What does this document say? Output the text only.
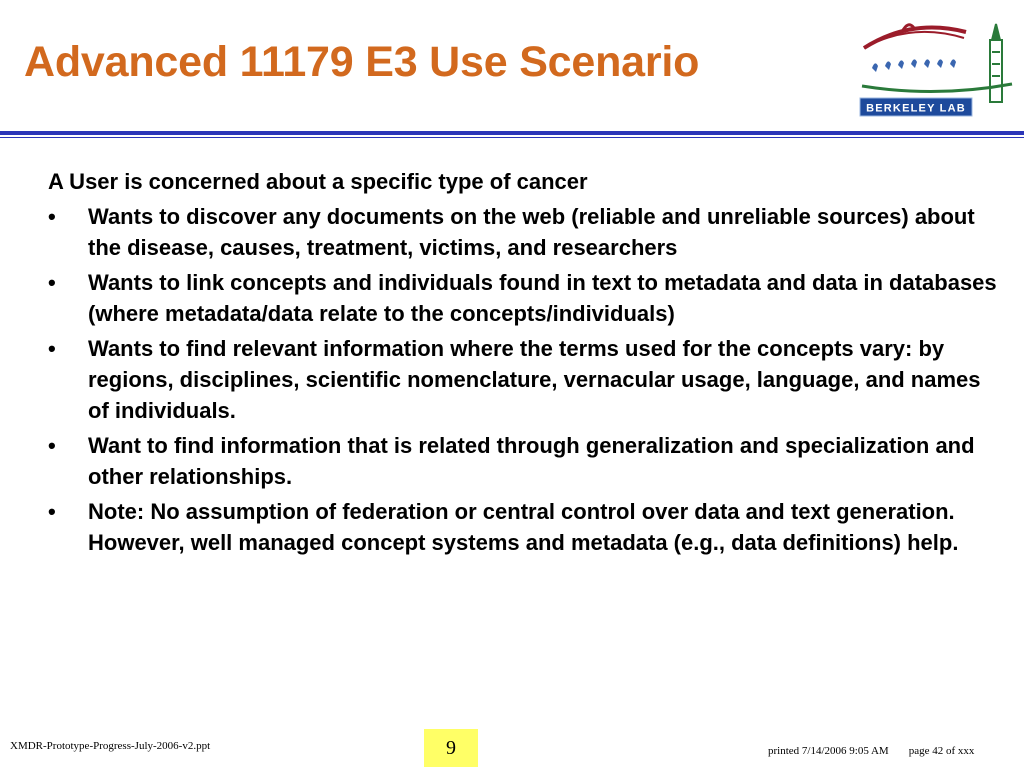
Advanced 11179 E3 Use Scenario
BERKELEY LAB
A User is concerned about a specific type of cancer
•	Wants to discover any documents on the web (reliable and unreliable sources) about the disease, causes, treatment, victims, and researchers
•	Wants to link concepts and individuals found in text to metadata and data in databases (where metadata/data relate to the concepts/individuals)
•	Wants to find relevant information where the terms used for the concepts vary: by regions, disciplines, scientific nomenclature, vernacular usage, language, and names of individuals.
•	Want to find information that is related through generalization and specialization and other relationships.
•	Note: No assumption of federation or central control over data and text generation. However, well managed concept systems and metadata (e.g., data definitions) help.
XMDR-Prototype-Progress-July-2006-v2.ppt	9	printed 7/14/2006 9:05 AM page 42 of xxx
